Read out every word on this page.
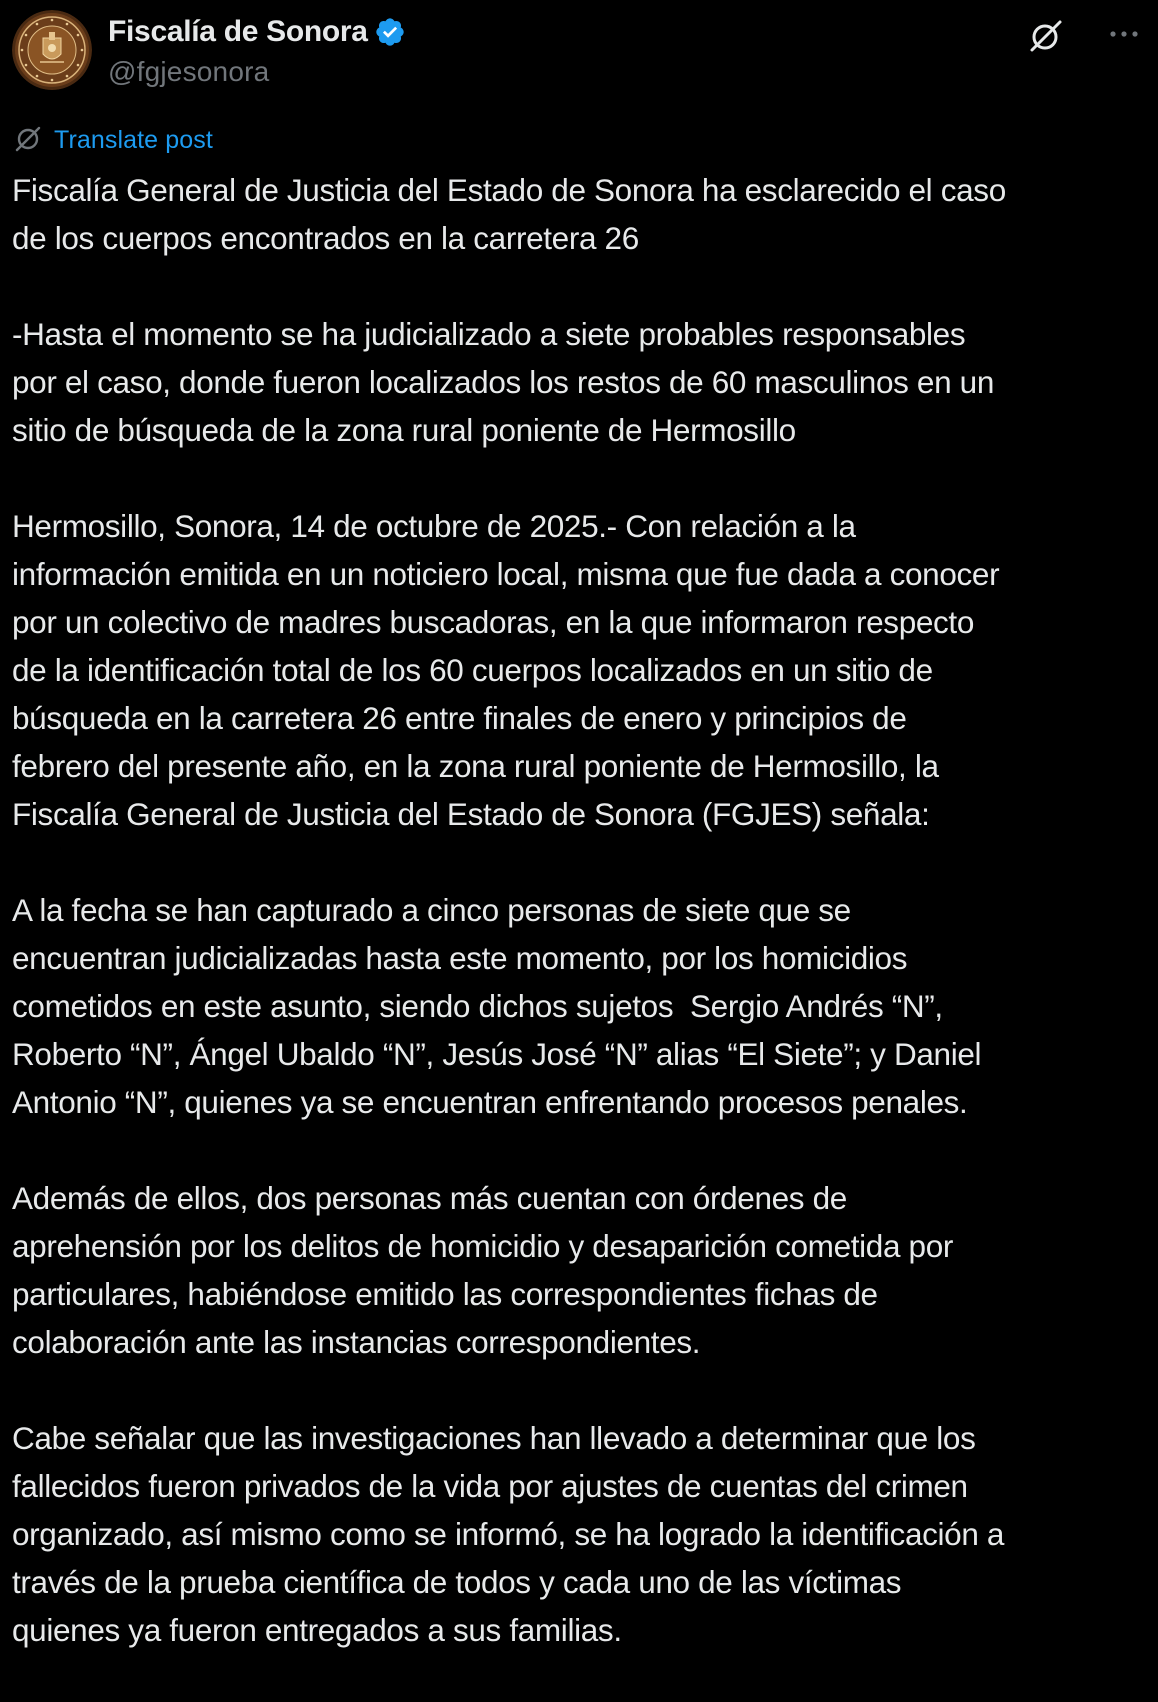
Fiscalía de Sonora
@fgjesonora
Translate post
Fiscalía General de Justicia del Estado de Sonora ha esclarecido el caso
de los cuerpos encontrados en la carretera 26
-Hasta el momento se ha judicializado a siete probables responsables
por el caso, donde fueron localizados los restos de 60 masculinos en un
sitio de búsqueda de la zona rural poniente de Hermosillo
Hermosillo, Sonora, 14 de octubre de 2025.- Con relación a la
información emitida en un noticiero local, misma que fue dada a conocer
por un colectivo de madres buscadoras, en la que informaron respecto
de la identificación total de los 60 cuerpos localizados en un sitio de
búsqueda en la carretera 26 entre finales de enero y principios de
febrero del presente año, en la zona rural poniente de Hermosillo, la
Fiscalía General de Justicia del Estado de Sonora (FGJES) señala:
A la fecha se han capturado a cinco personas de siete que se
encuentran judicializadas hasta este momento, por los homicidios
cometidos en este asunto, siendo dichos sujetos  Sergio Andrés “N”,
Roberto “N”, Ángel Ubaldo “N”, Jesús José “N” alias “El Siete”; y Daniel
Antonio “N”, quienes ya se encuentran enfrentando procesos penales.
Además de ellos, dos personas más cuentan con órdenes de
aprehensión por los delitos de homicidio y desaparición cometida por
particulares, habiéndose emitido las correspondientes fichas de
colaboración ante las instancias correspondientes.
Cabe señalar que las investigaciones han llevado a determinar que los
fallecidos fueron privados de la vida por ajustes de cuentas del crimen
organizado, así mismo como se informó, se ha logrado la identificación a
través de la prueba científica de todos y cada uno de las víctimas
quienes ya fueron entregados a sus familias.
